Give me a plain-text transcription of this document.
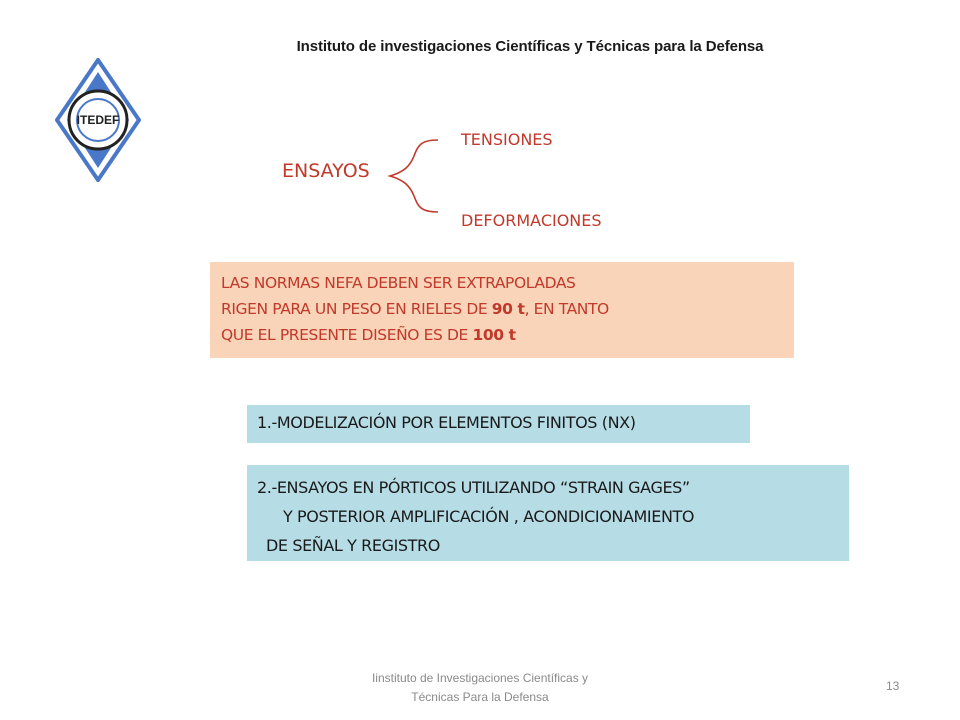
Instituto de investigaciones Científicas y Técnicas para la Defensa
ITEDEF
ENSAYOS
TENSIONES
DEFORMACIONES
LAS NORMAS NEFA DEBEN SER EXTRAPOLADAS
RIGEN PARA UN PESO EN RIELES DE 90 t, EN TANTO
QUE EL PRESENTE DISEÑO ES DE 100 t
1.-MODELIZACIÓN POR ELEMENTOS FINITOS (NX)
2.-ENSAYOS EN PÓRTICOS UTILIZANDO “STRAIN GAGES”
Y POSTERIOR AMPLIFICACIÓN , ACONDICIONAMIENTO
DE SEÑAL Y REGISTRO
Iinstituto de Investigaciones Científicas y
Técnicas Para la Defensa
13
